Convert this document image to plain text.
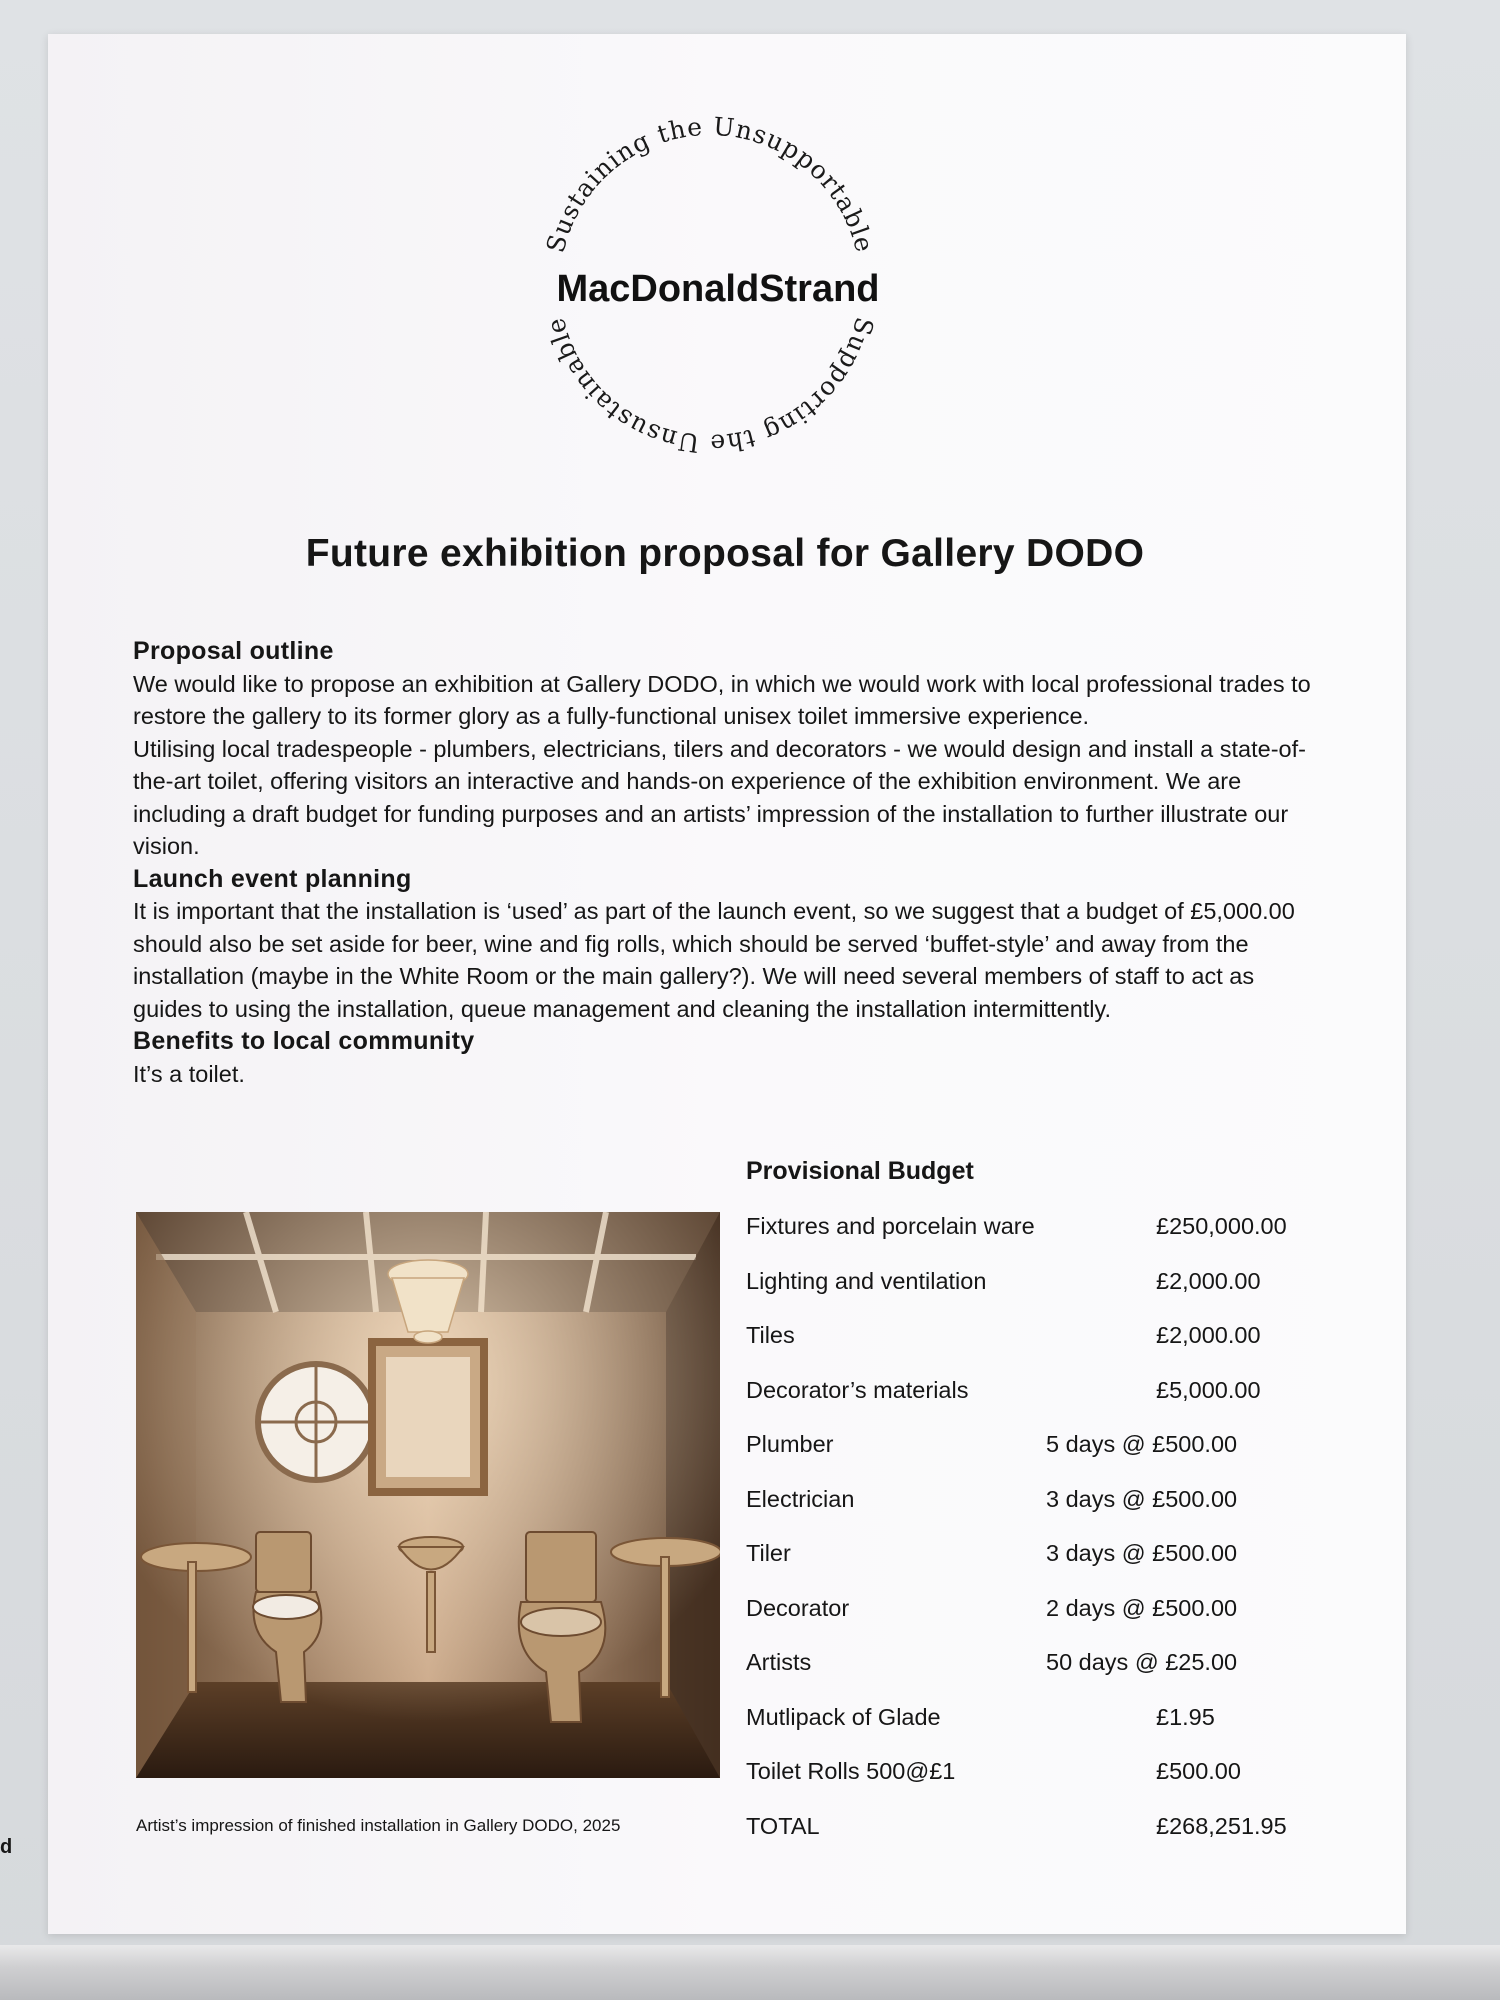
d
Sustaining the Unsupportable
Supporting the Unsustainable
MacDonaldStrand
Future exhibition proposal for Gallery DODO
Proposal outline

We would like to propose an exhibition at Gallery DODO, in which we would work with local professional trades to restore the gallery to its former glory as a fully-functional unisex toilet immersive experience.

Utilising local tradespeople - plumbers, electricians, tilers and decorators - we would design and install a state-of-the-art toilet, offering visitors an interactive and hands-on experience of the exhibition environment. We are including a draft budget for funding purposes and an artists’ impression of the installation to further illustrate our vision.

Launch event planning

It is important that the installation is ‘used’ as part of the launch event, so we suggest that a budget of £5,000.00 should also be set aside for beer, wine and fig rolls, which should be served ‘buffet-style’ and away from the installation (maybe in the White Room or the main gallery?). We will need several members of staff to act as guides to using the installation, queue management and cleaning the installation intermittently.

Benefits to local community

It’s a toilet.

Artist’s impression of finished installation in Gallery DODO, 2025
Provisional Budget
Fixtures and porcelain ware	£250,000.00
Lighting and ventilation	£2,000.00
Tiles	£2,000.00
Decorator’s materials	£5,000.00
Plumber	5 days @ £500.00
Electrician	3 days @ £500.00
Tiler	3 days @ £500.00
Decorator	2 days @ £500.00
Artists	50 days @ £25.00
Mutlipack of Glade	£1.95
Toilet Rolls 500@£1	£500.00
TOTAL	£268,251.95
